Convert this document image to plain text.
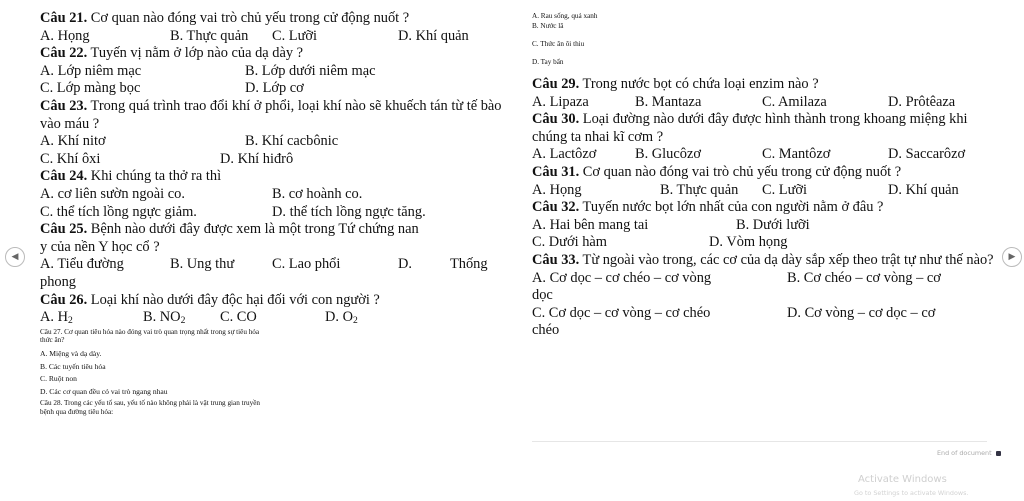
Câu 21. Cơ quan nào đóng vai trò chủ yếu trong cử động nuốt ?
A. Họng	B. Thực quản C. Lưỡi	D. Khí quản
Câu 22. Tuyến vị nằm ở lớp nào của dạ dày ?
A. Lớp niêm mạc	B. Lớp dưới niêm mạc
C. Lớp màng bọc	D. Lớp cơ
Câu 23. Trong quá trình trao đổi khí ở phổi, loại khí nào sẽ khuếch tán từ tế bào vào máu ?
A. Khí nitơ	B. Khí cacbônic
C. Khí ôxi	D. Khí hiđrô
Câu 24. Khi chúng ta thở ra thì
A. cơ liên sườn ngoài co.	B. cơ hoành co.
C. thể tích lồng ngực giảm.	D. thể tích lồng ngực tăng.
Câu 25. Bệnh nào dưới đây được xem là một trong Tứ chứng nan
y của nền Y học cổ ?
A. Tiểu đường	B. Ung thư	C. Lao phổi	D.	Thống
phong
Câu 26. Loại khí nào dưới đây độc hại đối với con người ?
A. $H_2$	B. $NO_2$ C. CO	D. $O_2$
Câu 27. Cơ quan tiêu hóa nào đóng vai trò quan trọng nhất trong sự tiêu hóa
thức ăn?
A. Miệng và dạ dày.
B. Các tuyến tiêu hóa
C. Ruột non
D. Các cơ quan đều có vai trò ngang nhau
Câu 28. Trong các yếu tố sau, yếu tố nào không phải là vật trung gian truyền
bệnh qua đường tiêu hóa:
A. Rau sống, quả xanh
B. Nước lã
C. Thức ăn ôi thiu
D. Tay bẩn
Câu 29. Trong nước bọt có chứa loại enzim nào ?
A. Lipaza	B. Mantaza	C. Amilaza	D. Prôtêaza
Câu 30. Loại đường nào dưới đây được hình thành trong khoang miệng khi chúng ta nhai kĩ cơm ?
A. Lactôzơ	B. Glucôzơ	C. Mantôzơ	D. Saccarôzơ
Câu 31. Cơ quan nào đóng vai trò chủ yếu trong cử động nuốt ?
A. Họng	B. Thực quản C. Lưỡi	D. Khí quản
Câu 32. Tuyến nước bọt lớn nhất của con người nằm ở đâu ?
A. Hai bên mang tai	B. Dưới lưỡi
C. Dưới hàm	D. Vòm họng
Câu 33. Từ ngoài vào trong, các cơ của dạ dày sắp xếp theo trật tự như thế nào?
A. Cơ dọc – cơ chéo – cơ vòng	B. Cơ chéo – cơ vòng – cơ
dọc
C. Cơ dọc – cơ vòng – cơ chéo	D. Cơ vòng – cơ dọc – cơ
chéo
◀	▶
End of document
Activate Windows
Go to Settings to activate Windows.
